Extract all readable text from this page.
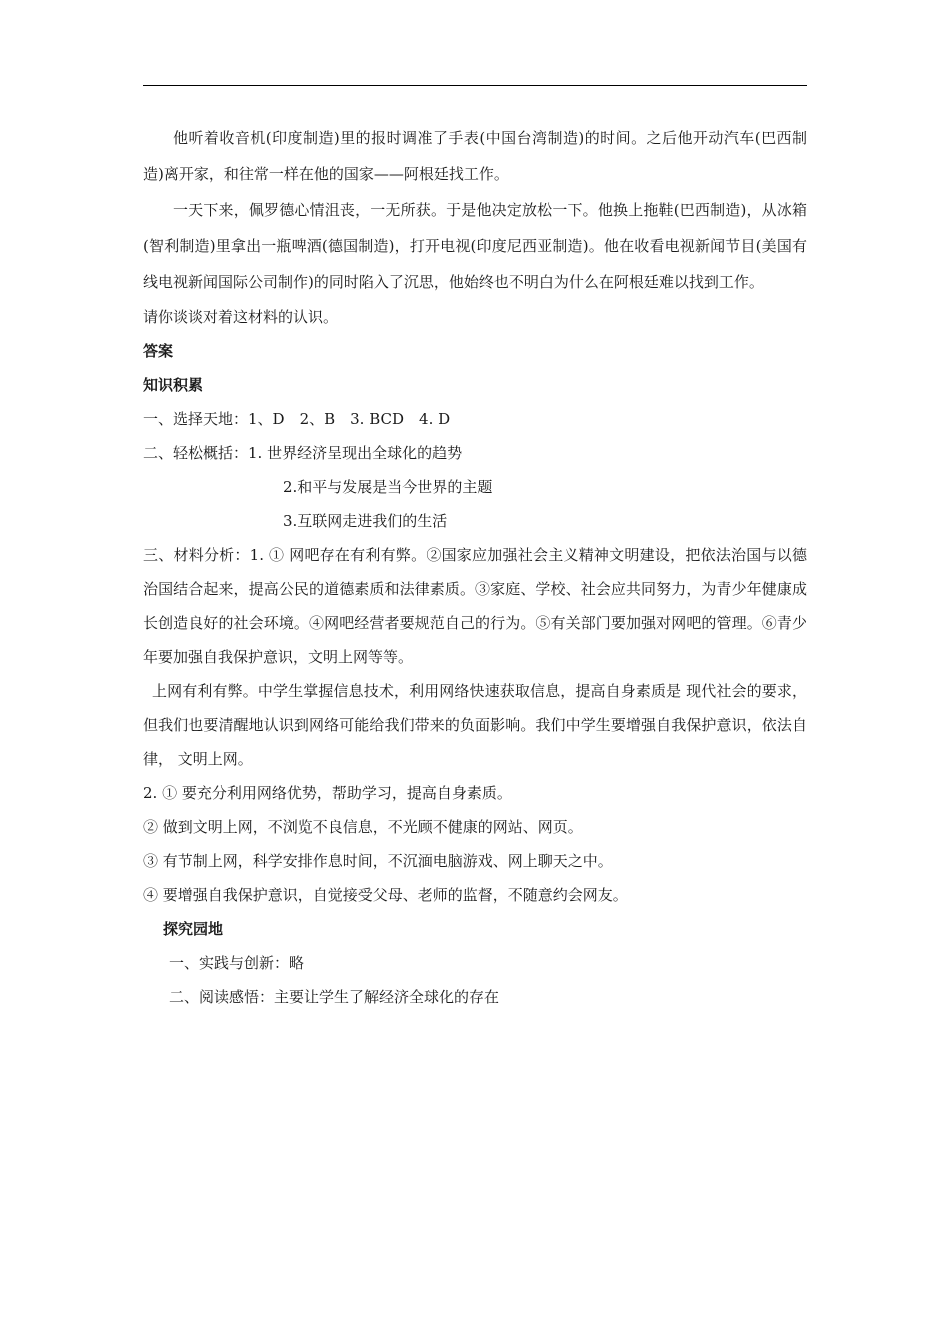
他听着收音机(印度制造)里的报时调准了手表(中国台湾制造)的时间。之后他开动汽车(巴西制造)离开家，和往常一样在他的国家——阿根廷找工作。

一天下来，佩罗德心情沮丧，一无所获。于是他决定放松一下。他换上拖鞋(巴西制造)，从冰箱(智利制造)里拿出一瓶啤酒(德国制造)，打开电视(印度尼西亚制造)。他在收看电视新闻节目(美国有线电视新闻国际公司制作)的同时陷入了沉思，他始终也不明白为什么在阿根廷难以找到工作。

请你谈谈对着这材料的认识。

答案

知识积累

一、选择天地：1、D　2、B　3. BCD　4. D

二、轻松概括：1. 世界经济呈现出全球化的趋势

2.和平与发展是当今世界的主题

3.互联网走进我们的生活

三、材料分析：1. ① 网吧存在有利有弊。②国家应加强社会主义精神文明建设，把依法治国与以德治国结合起来，提高公民的道德素质和法律素质。③家庭、学校、社会应共同努力，为青少年健康成长创造良好的社会环境。④网吧经营者要规范自己的行为。⑤有关部门要加强对网吧的管理。⑥青少年要加强自我保护意识，文明上网等等。

上网有利有弊。中学生掌握信息技术，利用网络快速获取信息，提高自身素质是 现代社会的要求，但我们也要清醒地认识到网络可能给我们带来的负面影响。我们中学生要增强自我保护意识，依法自律， 文明上网。

2. ① 要充分利用网络优势，帮助学习，提高自身素质。

② 做到文明上网，不浏览不良信息，不光顾不健康的网站、网页。

③ 有节制上网，科学安排作息时间，不沉湎电脑游戏、网上聊天之中。

④ 要增强自我保护意识，自觉接受父母、老师的监督，不随意约会网友。

探究园地

一、实践与创新：略

二、阅读感悟：主要让学生了解经济全球化的存在
